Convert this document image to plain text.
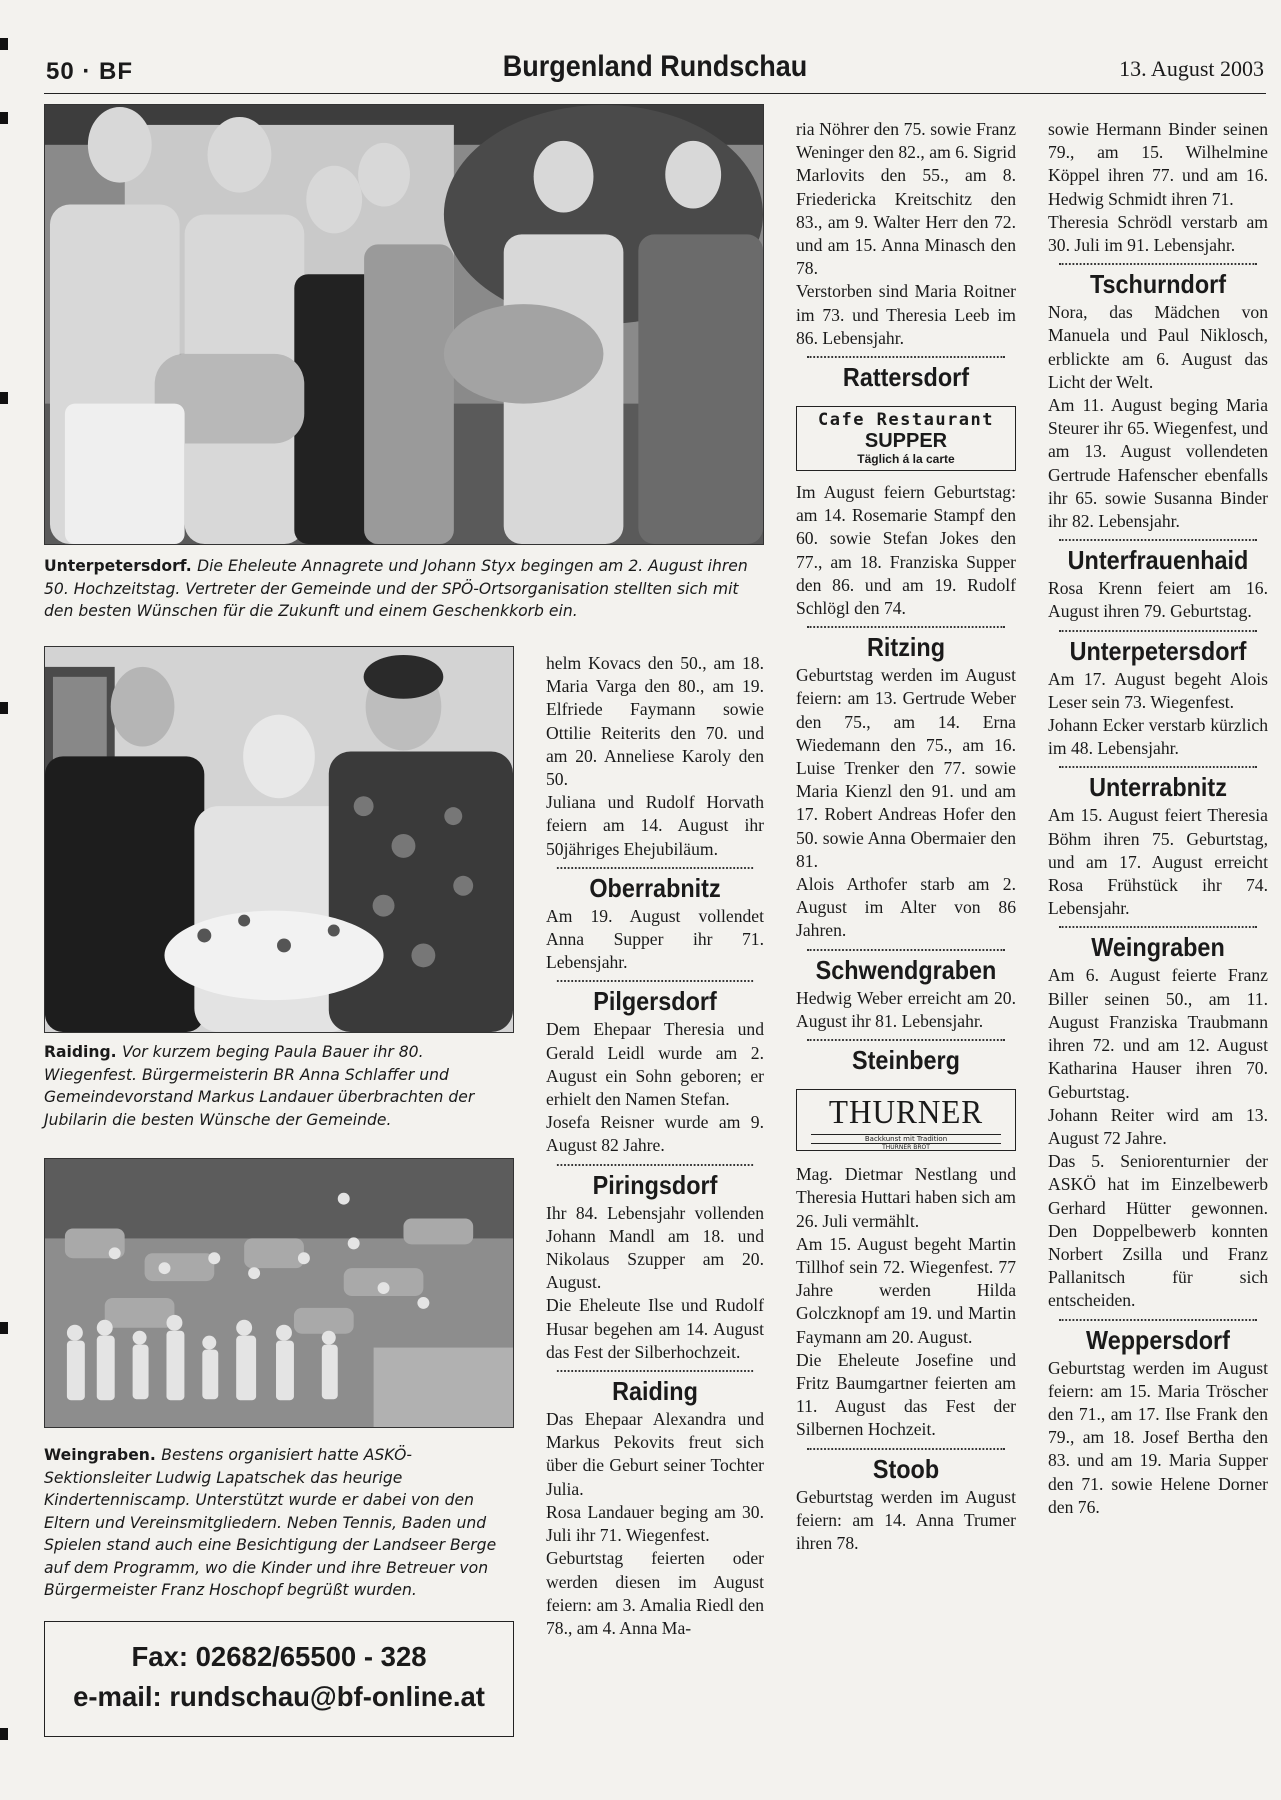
50 · BF	Burgenland Rundschau	13. August 2003
Unterpetersdorf. Die Eheleute Annagrete und Johann Styx begingen am 2. August ihren 50. Hochzeitstag. Vertreter der Gemeinde und der SPÖ-Ortsorganisation stellten sich mit den besten Wünschen für die Zukunft und einem Geschenkkorb ein.
Raiding. Vor kurzem beging Paula Bauer ihr 80. Wiegenfest. Bürgermeisterin BR Anna Schlaffer und Gemeindevorstand Markus Landauer überbrachten der Jubilarin die besten Wünsche der Gemeinde.
Weingraben. Bestens organisiert hatte ASKÖ-Sektionsleiter Ludwig Lapatschek das heurige Kindertenniscamp. Unterstützt wurde er dabei von den Eltern und Vereinsmitgliedern. Neben Tennis, Baden und Spielen stand auch eine Besichtigung der Landseer Berge auf dem Programm, wo die Kinder und ihre Betreuer von Bürgermeister Franz Hoschopf begrüßt wurden.
Fax: 02682/65500 - 328
e-mail: rundschau@bf-online.at

helm Kovacs den 50., am 18. Maria Varga den 80., am 19. Elfriede Faymann sowie Ottilie Reiterits den 70. und am 20. Anneliese Karoly den 50.

Juliana und Rudolf Horvath feiern am 14. August ihr 50jähriges Ehejubiläum.

Oberrabnitz

Am 19. August vollendet Anna Supper ihr 71. Lebensjahr.

Pilgersdorf

Dem Ehepaar Theresia und Gerald Leidl wurde am 2. August ein Sohn geboren; er erhielt den Namen Stefan.

Josefa Reisner wurde am 9. August 82 Jahre.

Piringsdorf

Ihr 84. Lebensjahr vollenden Johann Mandl am 18. und Nikolaus Szupper am 20. August.

Die Eheleute Ilse und Rudolf Husar begehen am 14. August das Fest der Silberhochzeit.

Raiding

Das Ehepaar Alexandra und Markus Pekovits freut sich über die Geburt seiner Tochter Julia.

Rosa Landauer beging am 30. Juli ihr 71. Wiegenfest.

Geburtstag feierten oder werden diesen im August feiern: am 3. Amalia Riedl den 78., am 4. Anna Ma-

ria Nöhrer den 75. sowie Franz Weninger den 82., am 6. Sigrid Marlovits den 55., am 8. Friedericka Kreitschitz den 83., am 9. Walter Herr den 72. und am 15. Anna Minasch den 78.

Verstorben sind Maria Roitner im 73. und Theresia Leeb im 86. Lebensjahr.

Rattersdorf
Cafe Restaurant
SUPPER
Täglich á la carte

Im August feiern Geburtstag: am 14. Rosemarie Stampf den 60. sowie Stefan Jokes den 77., am 18. Franziska Supper den 86. und am 19. Rudolf Schlögl den 74.

Ritzing

Geburtstag werden im August feiern: am 13. Gertrude Weber den 75., am 14. Erna Wiedemann den 75., am 16. Luise Trenker den 77. sowie Maria Kienzl den 91. und am 17. Robert Andreas Hofer den 50. sowie Anna Obermaier den 81.

Alois Arthofer starb am 2. August im Alter von 86 Jahren.

Schwendgraben

Hedwig Weber erreicht am 20. August ihr 81. Lebensjahr.

Steinberg
THURNER
Backkunst mit Tradition
THURNER BROT

Mag. Dietmar Nestlang und Theresia Huttari haben sich am 26. Juli vermählt.

Am 15. August begeht Martin Tillhof sein 72. Wiegenfest. 77 Jahre werden Hilda Golczknopf am 19. und Martin Faymann am 20. August.

Die Eheleute Josefine und Fritz Baumgartner feierten am 11. August das Fest der Silbernen Hochzeit.

Stoob

Geburtstag werden im August feiern: am 14. Anna Trumer ihren 78.

sowie Hermann Binder seinen 79., am 15. Wilhelmine Köppel ihren 77. und am 16. Hedwig Schmidt ihren 71.

Theresia Schrödl verstarb am 30. Juli im 91. Lebensjahr.

Tschurndorf

Nora, das Mädchen von Manuela und Paul Niklosch, erblickte am 6. August das Licht der Welt.

Am 11. August beging Maria Steurer ihr 65. Wiegenfest, und am 13. August vollendeten Gertrude Hafenscher ebenfalls ihr 65. sowie Susanna Binder ihr 82. Lebensjahr.

Unterfrauenhaid

Rosa Krenn feiert am 16. August ihren 79. Geburtstag.

Unterpetersdorf

Am 17. August begeht Alois Leser sein 73. Wiegenfest.

Johann Ecker verstarb kürzlich im 48. Lebensjahr.

Unterrabnitz

Am 15. August feiert Theresia Böhm ihren 75. Geburtstag, und am 17. August erreicht Rosa Frühstück ihr 74. Lebensjahr.

Weingraben

Am 6. August feierte Franz Biller seinen 50., am 11. August Franziska Traubmann ihren 72. und am 12. August Katharina Hauser ihren 70. Geburtstag.

Johann Reiter wird am 13. August 72 Jahre.

Das 5. Seniorenturnier der ASKÖ hat im Einzelbewerb Gerhard Hütter gewonnen. Den Doppelbewerb konnten Norbert Zsilla und Franz Pallanitsch für sich entscheiden.

Weppersdorf

Geburtstag werden im August feiern: am 15. Maria Tröscher den 71., am 17. Ilse Frank den 79., am 18. Josef Bertha den 83. und am 19. Maria Supper den 71. sowie Helene Dorner den 76.
